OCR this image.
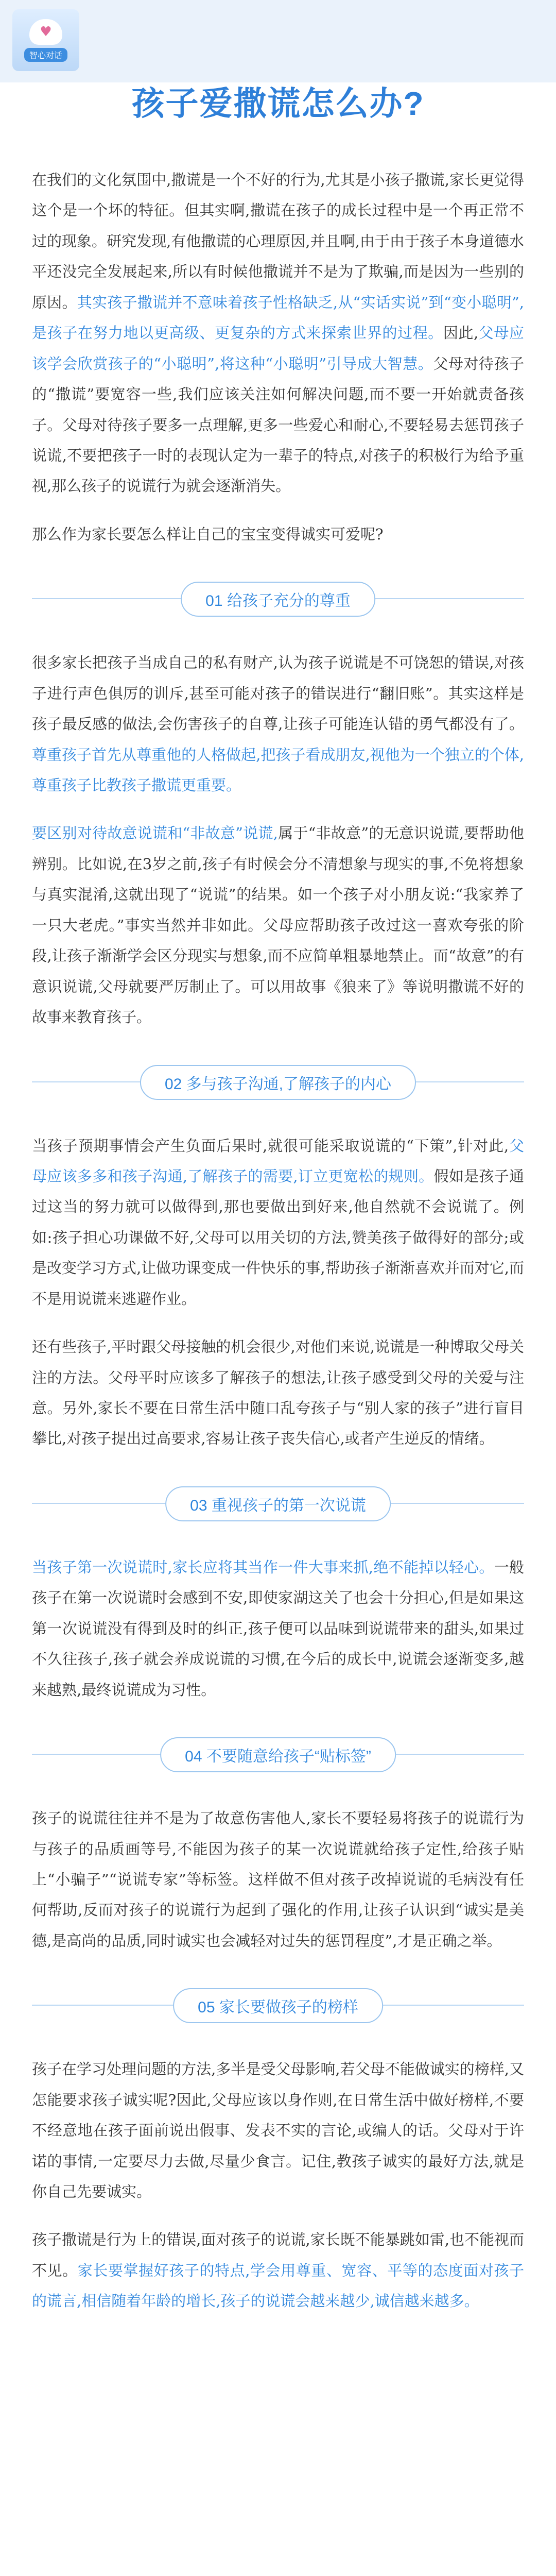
♥
智心对话
孩子爱撒谎怎么办?

在我们的文化氛围中,撒谎是一个不好的行为,尤其是小孩子撒谎,家长更觉得这个是一个坏的特征。但其实啊,撒谎在孩子的成长过程中是一个再正常不过的现象。研究发现,有他撒谎的心理原因,并且啊,由于由于孩子本身道德水平还没完全发展起来,所以有时候他撒谎并不是为了欺骗,而是因为一些别的原因。其实孩子撒谎并不意味着孩子性格缺乏,从“实话实说”到“变小聪明”,是孩子在努力地以更高级、更复杂的方式来探索世界的过程。因此,父母应该学会欣赏孩子的“小聪明”,将这种“小聪明”引导成大智慧。父母对待孩子的“撒谎”要宽容一些,我们应该关注如何解决问题,而不要一开始就责备孩子。父母对待孩子要多一点理解,更多一些爱心和耐心,不要轻易去惩罚孩子说谎,不要把孩子一时的表现认定为一辈子的特点,对孩子的积极行为给予重视,那么孩子的说谎行为就会逐渐消失。

那么作为家长要怎么样让自己的宝宝变得诚实可爱呢?

01 给孩子充分的尊重

很多家长把孩子当成自己的私有财产,认为孩子说谎是不可饶恕的错误,对孩子进行声色俱厉的训斥,甚至可能对孩子的错误进行“翻旧账”。其实这样是孩子最反感的做法,会伤害孩子的自尊,让孩子可能连认错的勇气都没有了。尊重孩子首先从尊重他的人格做起,把孩子看成朋友,视他为一个独立的个体,尊重孩子比教孩子撒谎更重要。

要区别对待故意说谎和“非故意”说谎,属于“非故意”的无意识说谎,要帮助他辨别。比如说,在3岁之前,孩子有时候会分不清想象与现实的事,不免将想象与真实混淆,这就出现了“说谎”的结果。如一个孩子对小朋友说:“我家养了一只大老虎。”事实当然并非如此。父母应帮助孩子改过这一喜欢夸张的阶段,让孩子渐渐学会区分现实与想象,而不应简单粗暴地禁止。而“故意”的有意识说谎,父母就要严厉制止了。可以用故事《狼来了》等说明撒谎不好的故事来教育孩子。

02 多与孩子沟通,了解孩子的内心

当孩子预期事情会产生负面后果时,就很可能采取说谎的“下策”,针对此,父母应该多多和孩子沟通,了解孩子的需要,订立更宽松的规则。假如是孩子通过这当的努力就可以做得到,那也要做出到好来,他自然就不会说谎了。例如:孩子担心功课做不好,父母可以用关切的方法,赞美孩子做得好的部分;或是改变学习方式,让做功课变成一件快乐的事,帮助孩子渐渐喜欢并而对它,而不是用说谎来逃避作业。

还有些孩子,平时跟父母接触的机会很少,对他们来说,说谎是一种博取父母关注的方法。父母平时应该多了解孩子的想法,让孩子感受到父母的关爱与注意。另外,家长不要在日常生活中随口乱夸孩子与“别人家的孩子”进行盲目攀比,对孩子提出过高要求,容易让孩子丧失信心,或者产生逆反的情绪。

03 重视孩子的第一次说谎

当孩子第一次说谎时,家长应将其当作一件大事来抓,绝不能掉以轻心。一般孩子在第一次说谎时会感到不安,即使家湖这关了也会十分担心,但是如果这第一次说谎没有得到及时的纠正,孩子便可以品味到说谎带来的甜头,如果过不久往孩子,孩子就会养成说谎的习惯,在今后的成长中,说谎会逐渐变多,越来越熟,最终说谎成为习性。

04 不要随意给孩子“贴标签”

孩子的说谎往往并不是为了故意伤害他人,家长不要轻易将孩子的说谎行为与孩子的品质画等号,不能因为孩子的某一次说谎就给孩子定性,给孩子贴上“小骗子”“说谎专家”等标签。这样做不但对孩子改掉说谎的毛病没有任何帮助,反而对孩子的说谎行为起到了强化的作用,让孩子认识到“诚实是美德,是高尚的品质,同时诚实也会减轻对过失的惩罚程度”,才是正确之举。

05 家长要做孩子的榜样

孩子在学习处理问题的方法,多半是受父母影响,若父母不能做诚实的榜样,又怎能要求孩子诚实呢?因此,父母应该以身作则,在日常生活中做好榜样,不要不经意地在孩子面前说出假事、发表不实的言论,或编人的话。父母对于许诺的事情,一定要尽力去做,尽量少食言。记住,教孩子诚实的最好方法,就是你自己先要诚实。

孩子撒谎是行为上的错误,面对孩子的说谎,家长既不能暴跳如雷,也不能视而不见。家长要掌握好孩子的特点,学会用尊重、宽容、平等的态度面对孩子的谎言,相信随着年龄的增长,孩子的说谎会越来越少,诚信越来越多。
